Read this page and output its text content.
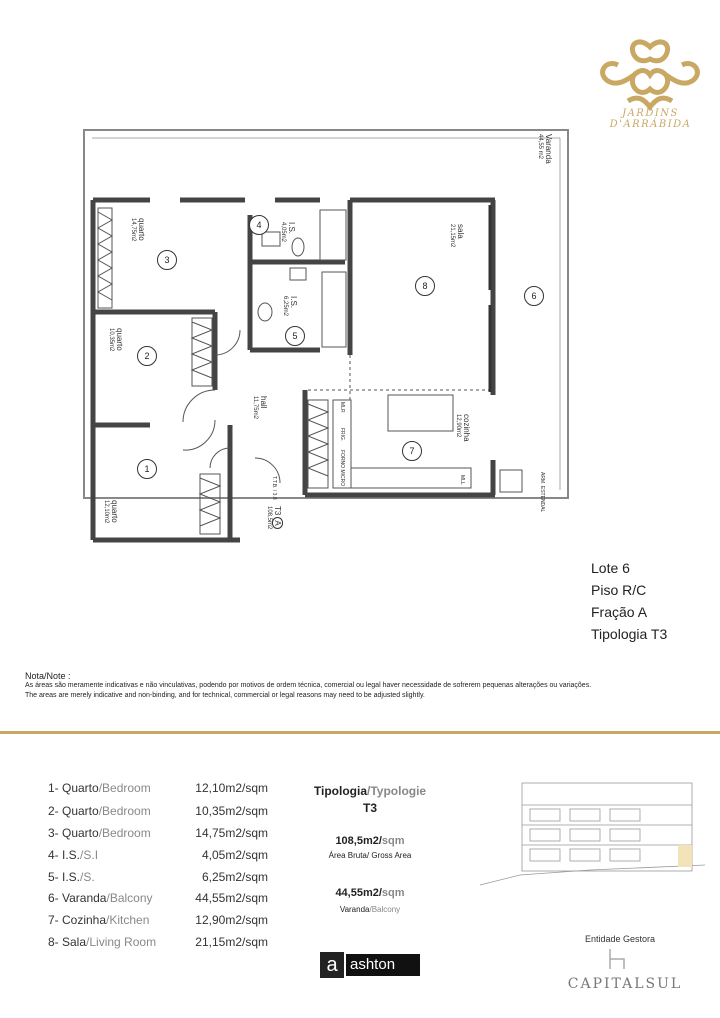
JARDINS D'ARRÁBIDA
3
2
1
4
5
6
7
8
Varanda
44,55 m2
quarto
14,75m2
quarto
10,35m2
quarto
12,10m2
I.S.
4,05m2
I.S.
6,25m2
sala
21,15m2
hall
11,75m2
cozinha
12,90m2
T3A
108,5m2
MLR
FRIG.
FORNO MICRO	MLL	ARM. ESTENDAL
T.T.B. / 3.8
Lote 6
Piso R/C
Fração A
Tipologia T3
Nota/Note :
As áreas são meramente indicativas e não vinculativas, podendo por motivos de ordem técnica, comercial ou legal haver necessidade de sofrerem pequenas alterações ou variações.
The areas are merely indicative and non-binding, and for technical, commercial or legal reasons may need to be adjusted slightly.
1- Quarto/Bedroom	12,10m2/sqm
2- Quarto/Bedroom	10,35m2/sqm
3- Quarto/Bedroom	14,75m2/sqm
4- I.S./S.I	4,05m2/sqm
5- I.S./S.	6,25m2/sqm
6- Varanda/Balcony	44,55m2/sqm
7- Cozinha/Kitchen	12,90m2/sqm
8- Sala/Living Room	21,15m2/sqm
Tipologia/Typologie
T3
108,5m2/sqm
Área Bruta/ Gross Area
44,55m2/sqm
Varanda/Balcony
a ashton
Entidade Gestora
CAPITALSUL
